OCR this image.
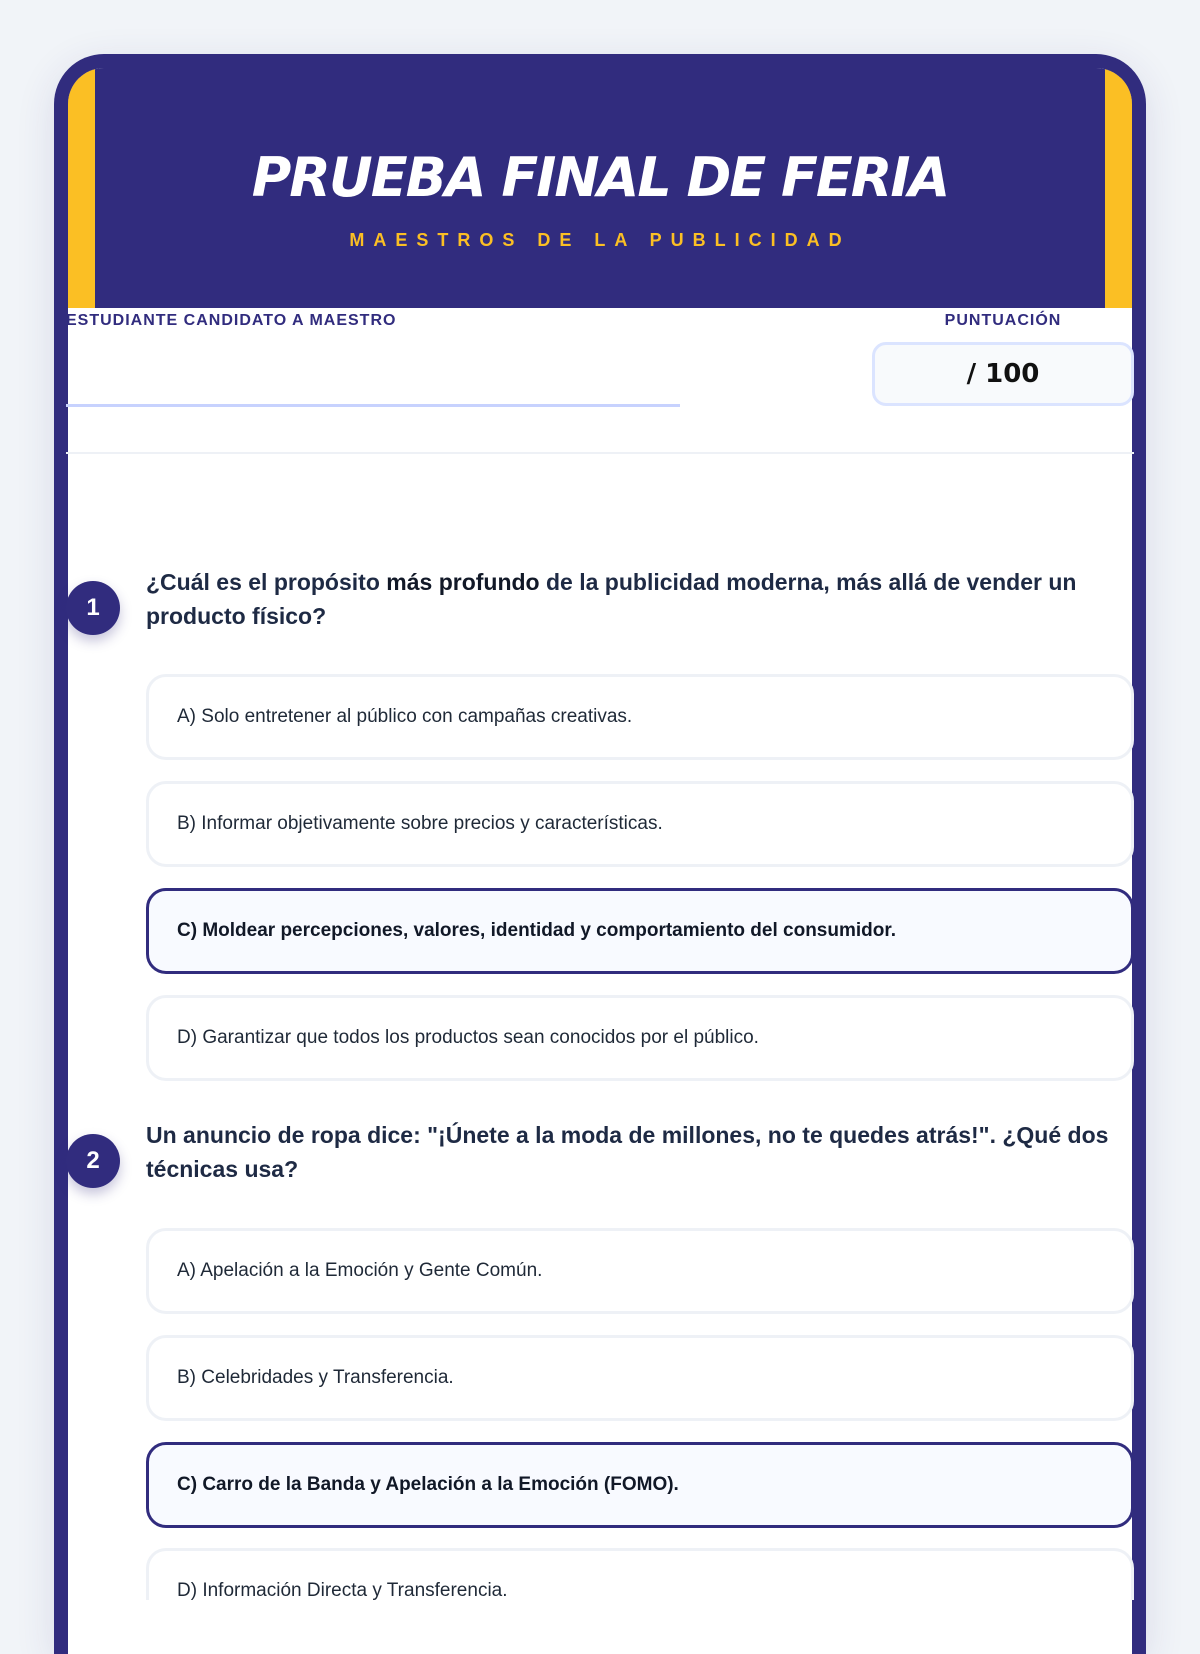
PRUEBA FINAL DE FERIA
MAESTROS DE LA PUBLICIDAD
ESTUDIANTE CANDIDATO A MAESTRO	PUNTUACIÓN
/ 100
1
¿Cuál es el propósito más profundo de la publicidad moderna, más allá de vender un producto físico?
A) Solo entretener al público con campañas creativas.
B) Informar objetivamente sobre precios y características.
C) Moldear percepciones, valores, identidad y comportamiento del consumidor.
D) Garantizar que todos los productos sean conocidos por el público.
2
Un anuncio de ropa dice: "¡Únete a la moda de millones, no te quedes atrás!". ¿Qué dos técnicas usa?
A) Apelación a la Emoción y Gente Común.
B) Celebridades y Transferencia.
C) Carro de la Banda y Apelación a la Emoción (FOMO).
D) Información Directa y Transferencia.
